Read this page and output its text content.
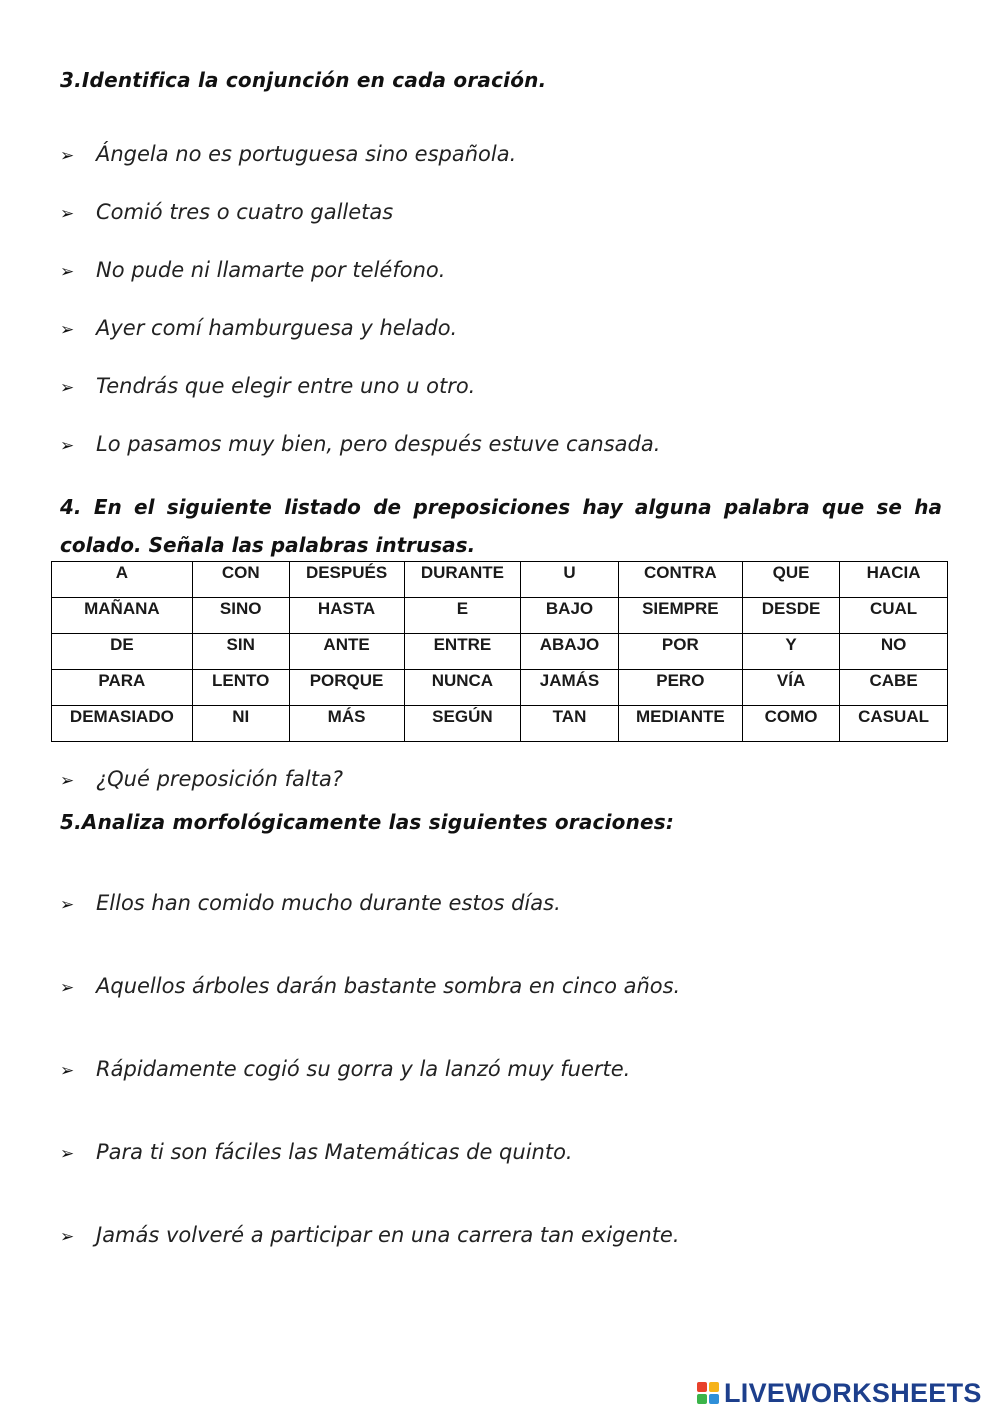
3.Identifica la conjunción en cada oración.
➢ Ángela no es portuguesa sino española.
➢ Comió tres o cuatro galletas
➢ No pude ni llamarte por teléfono.
➢ Ayer comí hamburguesa y helado.
➢ Tendrás que elegir entre uno u otro.
➢ Lo pasamos muy bien, pero después estuve cansada.
4. En el siguiente listado de preposiciones hay alguna palabra que se ha colado. Señala las palabras intrusas.
A	CON	DESPUÉS	DURANTE	U	CONTRA	QUE	HACIA
MAÑANA	SINO	HASTA	E	BAJO	SIEMPRE	DESDE	CUAL
DE	SIN	ANTE	ENTRE	ABAJO	POR	Y	NO
PARA	LENTO	PORQUE	NUNCA	JAMÁS	PERO	VÍA	CABE
DEMASIADO	NI	MÁS	SEGÚN	TAN	MEDIANTE	COMO	CASUAL
➢ ¿Qué preposición falta?
5.Analiza morfológicamente las siguientes oraciones:
➢ Ellos han comido mucho durante estos días.
➢ Aquellos árboles darán bastante sombra en cinco años.
➢ Rápidamente cogió su gorra y la lanzó muy fuerte.
➢ Para ti son fáciles las Matemáticas de quinto.
➢ Jamás volveré a participar en una carrera tan exigente.
LIVEWORKSHEETS
